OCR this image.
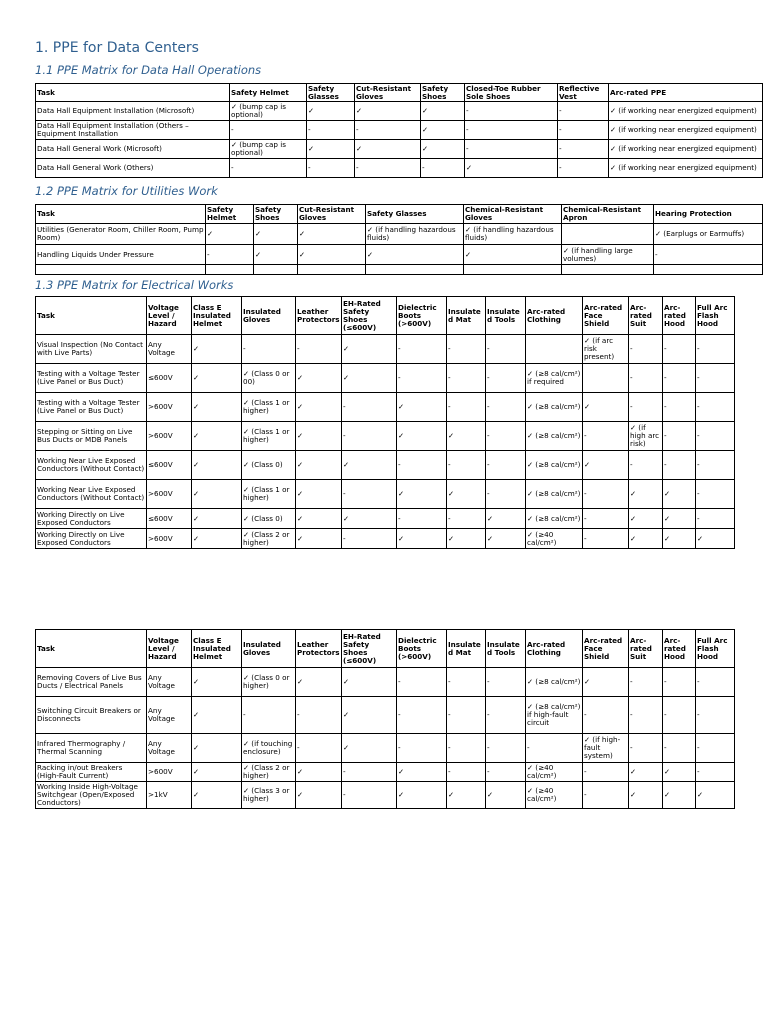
1. PPE for Data Centers
1.1 PPE Matrix for Data Hall Operations
1.2 PPE Matrix for Utilities Work
1.3 PPE Matrix for Electrical Works
Task	Safety Helmet	Safety Glasses	Cut-Resistant Gloves	Safety Shoes	Closed-Toe Rubber Sole Shoes	Reflective Vest	Arc-rated PPE
Data Hall Equipment Installation (Microsoft)	✓ (bump cap is optional)	✓	✓	✓	-	-	✓ (if working near energized equipment)
Data Hall Equipment Installation (Others – Equipment Installation	-	-	-	✓	-	-	✓ (if working near energized equipment)
Data Hall General Work (Microsoft)	✓ (bump cap is optional)	✓	✓	✓	-	-	✓ (if working near energized equipment)
Data Hall General Work (Others)	-	-	-	-	✓	-	✓ (if working near energized equipment)
Task	Safety Helmet	Safety Shoes	Cut-Resistant Gloves	Safety Glasses	Chemical-Resistant Gloves	Chemical-Resistant Apron	Hearing Protection
Utilities (Generator Room, Chiller Room, Pump Room)	✓	✓	✓	✓ (if handling hazardous fluids)	✓ (if handling hazardous fluids)		✓ (Earplugs or Earmuffs)
Handling Liquids Under Pressure	-	✓	✓	✓	✓	✓ (if handling large volumes)	-

Task	Voltage Level / Hazard	Class E Insulated Helmet	Insulated Gloves	Leather Protectors	EH-Rated Safety Shoes (≤600V)	Dielectric Boots (>600V)	Insulated Mat	Insulated Tools	Arc-rated Clothing	Arc-rated Face Shield	Arc-rated Suit	Arc-rated Hood	Full Arc Flash Hood
Visual Inspection (No Contact with Live Parts)	Any Voltage	✓	-	-	✓	-	-	-		✓ (if arc risk present)	-	-	-
Testing with a Voltage Tester (Live Panel or Bus Duct)	≤600V	✓	✓ (Class 0 or 00)	✓	✓	-	-	-	✓ (≥8 cal/cm²) if required		-	-	-
Testing with a Voltage Tester (Live Panel or Bus Duct)	>600V	✓	✓ (Class 1 or higher)	✓	-	✓	-	-	✓ (≥8 cal/cm²)	✓	-	-	-
Stepping or Sitting on Live Bus Ducts or MDB Panels	>600V	✓	✓ (Class 1 or higher)	✓	-	✓	✓	-	✓ (≥8 cal/cm²)	-	✓ (if high arc risk)	-	-
Working Near Live Exposed Conductors (Without Contact)	≤600V	✓	✓ (Class 0)	✓	✓	-	-	-	✓ (≥8 cal/cm²)	✓	-	-	-
Working Near Live Exposed Conductors (Without Contact)	>600V	✓	✓ (Class 1 or higher)	✓	-	✓	✓	-	✓ (≥8 cal/cm²)	-	✓	✓	-
Working Directly on Live Exposed Conductors	≤600V	✓	✓ (Class 0)	✓	✓	-	-	✓	✓ (≥8 cal/cm²)	-	✓	✓	-
Working Directly on Live Exposed Conductors	>600V	✓	✓ (Class 2 or higher)	✓	-	✓	✓	✓	✓ (≥40 cal/cm²)	-	✓	✓	✓
Task	Voltage Level / Hazard	Class E Insulated Helmet	Insulated Gloves	Leather Protectors	EH-Rated Safety Shoes (≤600V)	Dielectric Boots (>600V)	Insulated Mat	Insulated Tools	Arc-rated Clothing	Arc-rated Face Shield	Arc-rated Suit	Arc-rated Hood	Full Arc Flash Hood
Removing Covers of Live Bus Ducts / Electrical Panels	Any Voltage	✓	✓ (Class 0 or higher)	✓	✓	-	-	-	✓ (≥8 cal/cm²)	✓	-	-	-
Switching Circuit Breakers or Disconnects	Any Voltage	✓	-	-	✓	-	-	-	✓ (≥8 cal/cm²) if high-fault circuit	-	-	-	-
Infrared Thermography / Thermal Scanning	Any Voltage	✓	✓ (if touching enclosure)	-	✓	-	-	-	-	✓ (if high-fault system)	-	-	-
Racking in/out Breakers (High-Fault Current)	>600V	✓	✓ (Class 2 or higher)	✓	-	✓	-	-	✓ (≥40 cal/cm²)	-	✓	✓	-
Working Inside High-Voltage Switchgear (Open/Exposed Conductors)	>1kV	✓	✓ (Class 3 or higher)	✓	-	✓	✓	✓	✓ (≥40 cal/cm²)	-	✓	✓	✓
